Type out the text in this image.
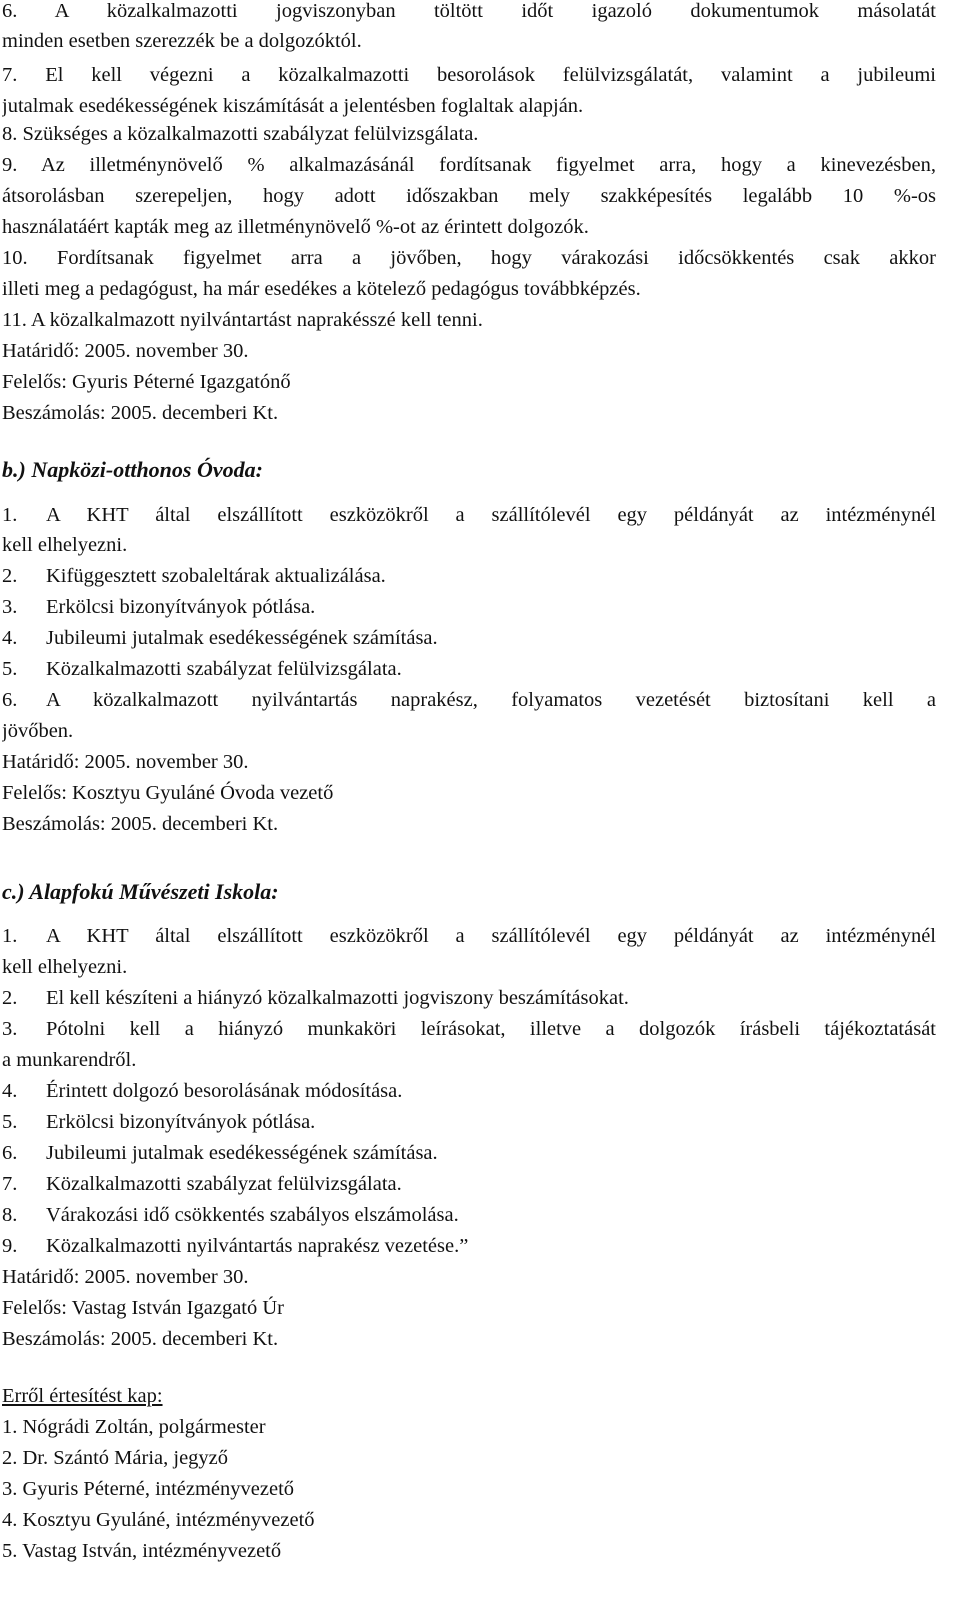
6. A közalkalmazotti jogviszonyban töltött időt igazoló dokumentumok másolatát
minden esetben szerezzék be a dolgozóktól.
7. El kell végezni a közalkalmazotti besorolások felülvizsgálatát, valamint a jubileumi
jutalmak esedékességének kiszámítását a jelentésben foglaltak alapján.
8. Szükséges a közalkalmazotti szabályzat felülvizsgálata.
9. Az illetménynövelő % alkalmazásánál fordítsanak figyelmet arra, hogy a kinevezésben,
átsorolásban szerepeljen, hogy adott időszakban mely szakképesítés legalább 10 %-os
használatáért kapták meg az illetménynövelő %-ot az érintett dolgozók.
10. Fordítsanak figyelmet arra a jövőben, hogy várakozási időcsökkentés csak akkor
illeti meg a pedagógust, ha már esedékes a kötelező pedagógus továbbképzés.
11. A közalkalmazott nyilvántartást naprakésszé kell tenni.
Határidő: 2005. november 30.
Felelős: Gyuris Péterné Igazgatónő
Beszámolás: 2005. decemberi Kt.
b.) Napközi-otthonos Óvoda:
1. A KHT által elszállított eszközökről a szállítólevél egy példányát az intézménynél
kell elhelyezni.
2. Kifüggesztett szobaleltárak aktualizálása.
3. Erkölcsi bizonyítványok pótlása.
4. Jubileumi jutalmak esedékességének számítása.
5. Közalkalmazotti szabályzat felülvizsgálata.
6. A közalkalmazott nyilvántartás naprakész, folyamatos vezetését biztosítani kell a
jövőben.
Határidő: 2005. november 30.
Felelős: Kosztyu Gyuláné Óvoda vezető
Beszámolás: 2005. decemberi Kt.
c.) Alapfokú Művészeti Iskola:
1. A KHT által elszállított eszközökről a szállítólevél egy példányát az intézménynél
kell elhelyezni.
2. El kell készíteni a hiányzó közalkalmazotti jogviszony beszámításokat.
3. Pótolni kell a hiányzó munkaköri leírásokat, illetve a dolgozók írásbeli tájékoztatását
a munkarendről.
4. Érintett dolgozó besorolásának módosítása.
5. Erkölcsi bizonyítványok pótlása.
6. Jubileumi jutalmak esedékességének számítása.
7. Közalkalmazotti szabályzat felülvizsgálata.
8. Várakozási idő csökkentés szabályos elszámolása.
9. Közalkalmazotti nyilvántartás naprakész vezetése.”
Határidő: 2005. november 30.
Felelős: Vastag István Igazgató Úr
Beszámolás: 2005. decemberi Kt.
Erről értesítést kap:
1. Nógrádi Zoltán, polgármester
2. Dr. Szántó Mária, jegyző
3. Gyuris Péterné, intézményvezető
4. Kosztyu Gyuláné, intézményvezető
5. Vastag István, intézményvezető
